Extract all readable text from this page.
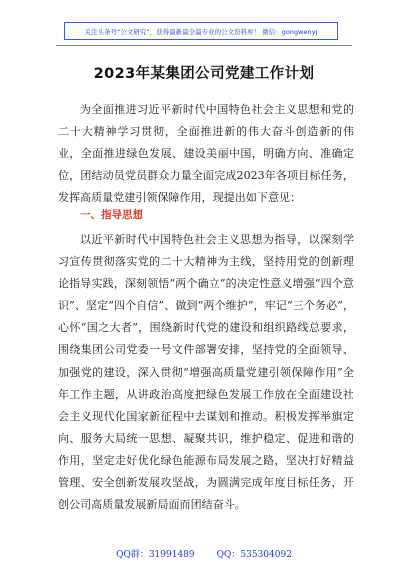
关注头条号“公文研究”，获得最新最全最专业的公文资料库！ 微信：gongwenyj
2023年某集团公司党建工作计划

为全面推进习近平新时代中国特色社会主义思想和党的二十大精神学习贯彻，全面推进新的伟大奋斗创造新的伟业，全面推进绿色发展、建设美丽中国，明确方向、准确定位，团结动员党员群众力量全面完成2023年各项目标任务，发挥高质量党建引领保障作用，现提出如下意见：

一、指导思想

以近平新时代中国特色社会主义思想为指导，以深刻学习宣传贯彻落实党的二十大精神为主线，坚持用党的创新理论指导实践，深刻领悟“两个确立”的决定性意义增强“四个意识”、坚定“四个自信”、做到“两个维护”，牢记“三个务必”，心怀“国之大者”，围绕新时代党的建设和组织路线总要求，围绕集团公司党委一号文件部署安排，坚持党的全面领导、加强党的建设，深入贯彻“增强高质量党建引领保障作用”全年工作主题，从讲政治高度把绿色发展工作放在全面建设社会主义现代化国家新征程中去谋划和推动。积极发挥举旗定向、服务大局统一思想、凝聚共识，维护稳定、促进和谐的作用，坚定走好优化绿色能源布局发展之路，坚决打好精益管理、安全创新发展攻坚战，为圆满完成年度目标任务，开创公司高质量发展新局面而团结奋斗。

QQ群：31991489 QQ：535304092
